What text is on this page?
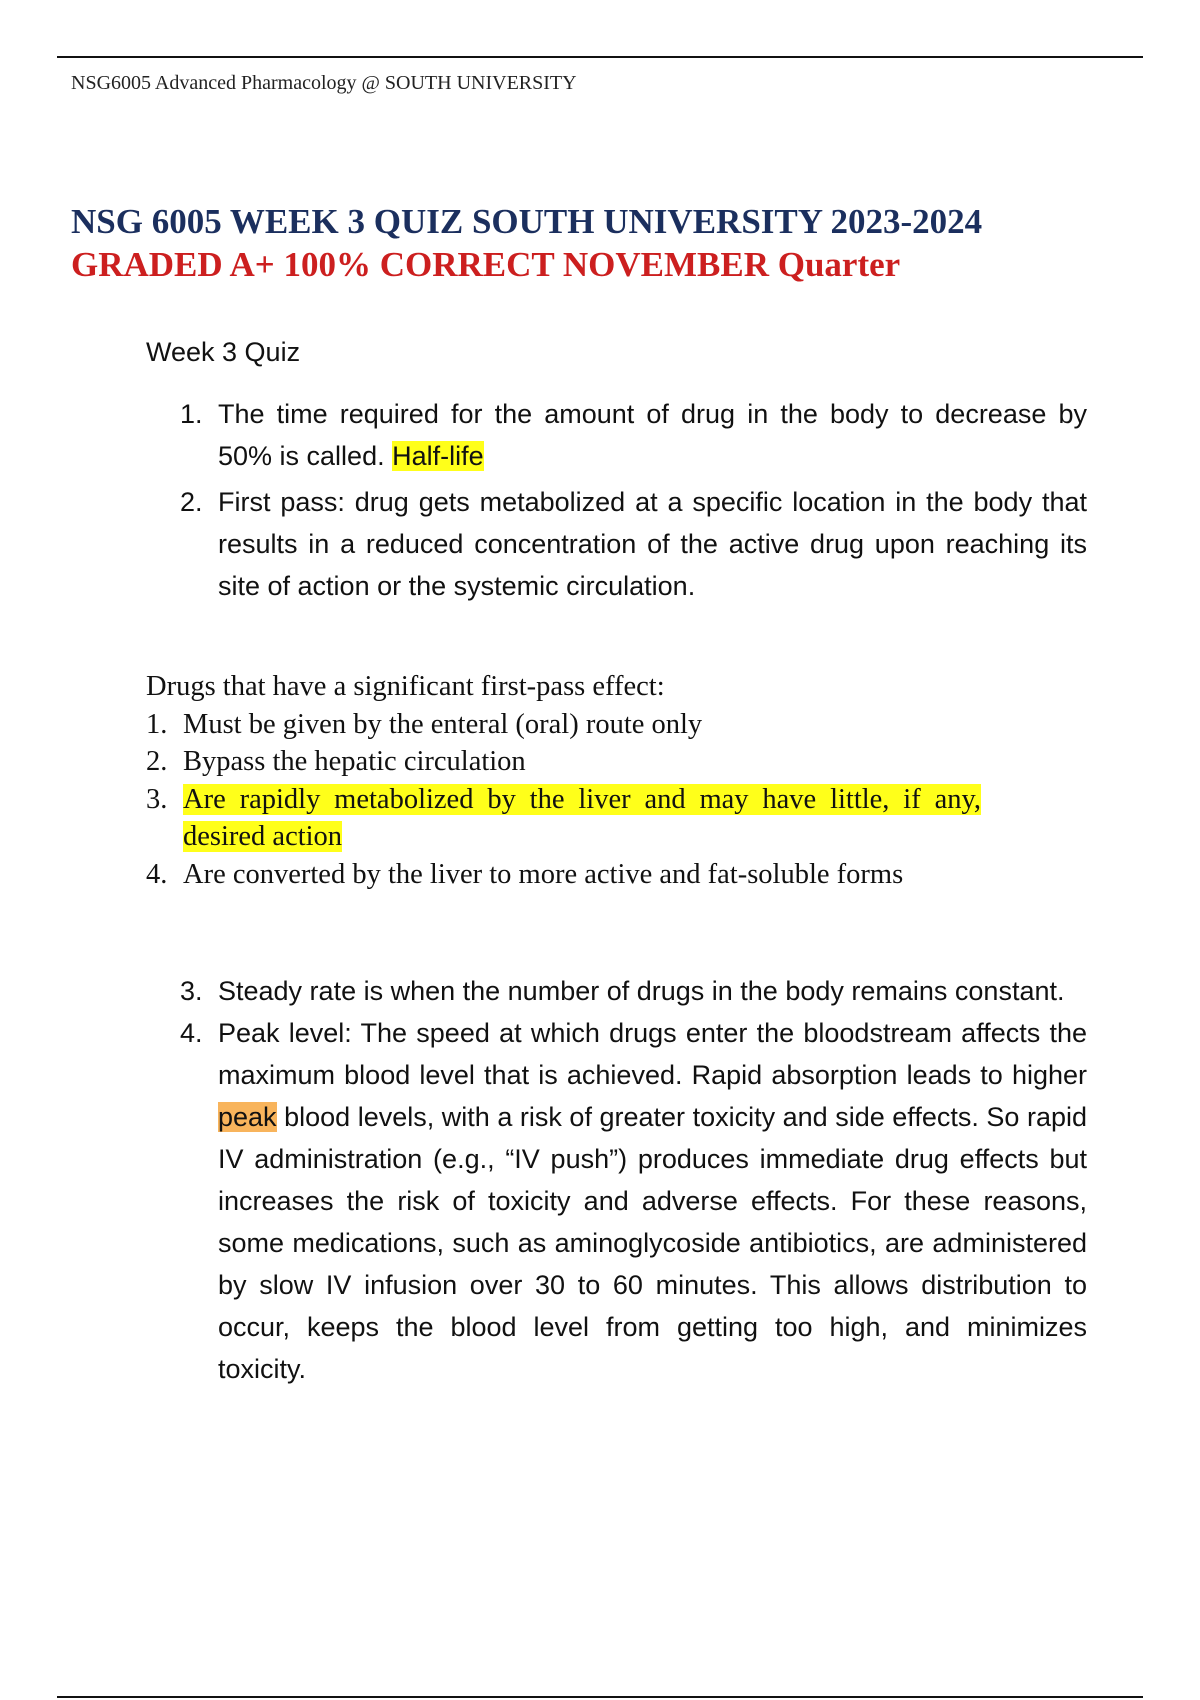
NSG6005 Advanced Pharmacology @ SOUTH UNIVERSITY
NSG 6005 WEEK 3 QUIZ SOUTH UNIVERSITY 2023-2024
GRADED A+ 100% CORRECT NOVEMBER Quarter
Week 3 Quiz
1. The time required for the amount of drug in the body to decrease by 50% is called. Half-life
2. First pass: drug gets metabolized at a specific location in the body that results in a reduced concentration of the active drug upon reaching its site of action or the systemic circulation.
Drugs that have a significant first-pass effect:
1. Must be given by the enteral (oral) route only
2. Bypass the hepatic circulation
3. Are rapidly metabolized by the liver and may have little, if any, desired action
4. Are converted by the liver to more active and fat-soluble forms
3. Steady rate is when the number of drugs in the body remains constant.
4. Peak level: The speed at which drugs enter the bloodstream affects the maximum blood level that is achieved. Rapid absorption leads to higher peak blood levels, with a risk of greater toxicity and side effects. So rapid IV administration (e.g., “IV push”) produces immediate drug effects but increases the risk of toxicity and adverse effects. For these reasons, some medications, such as aminoglycoside antibiotics, are administered by slow IV infusion over 30 to 60 minutes. This allows distribution to occur, keeps the blood level from getting too high, and minimizes toxicity.
